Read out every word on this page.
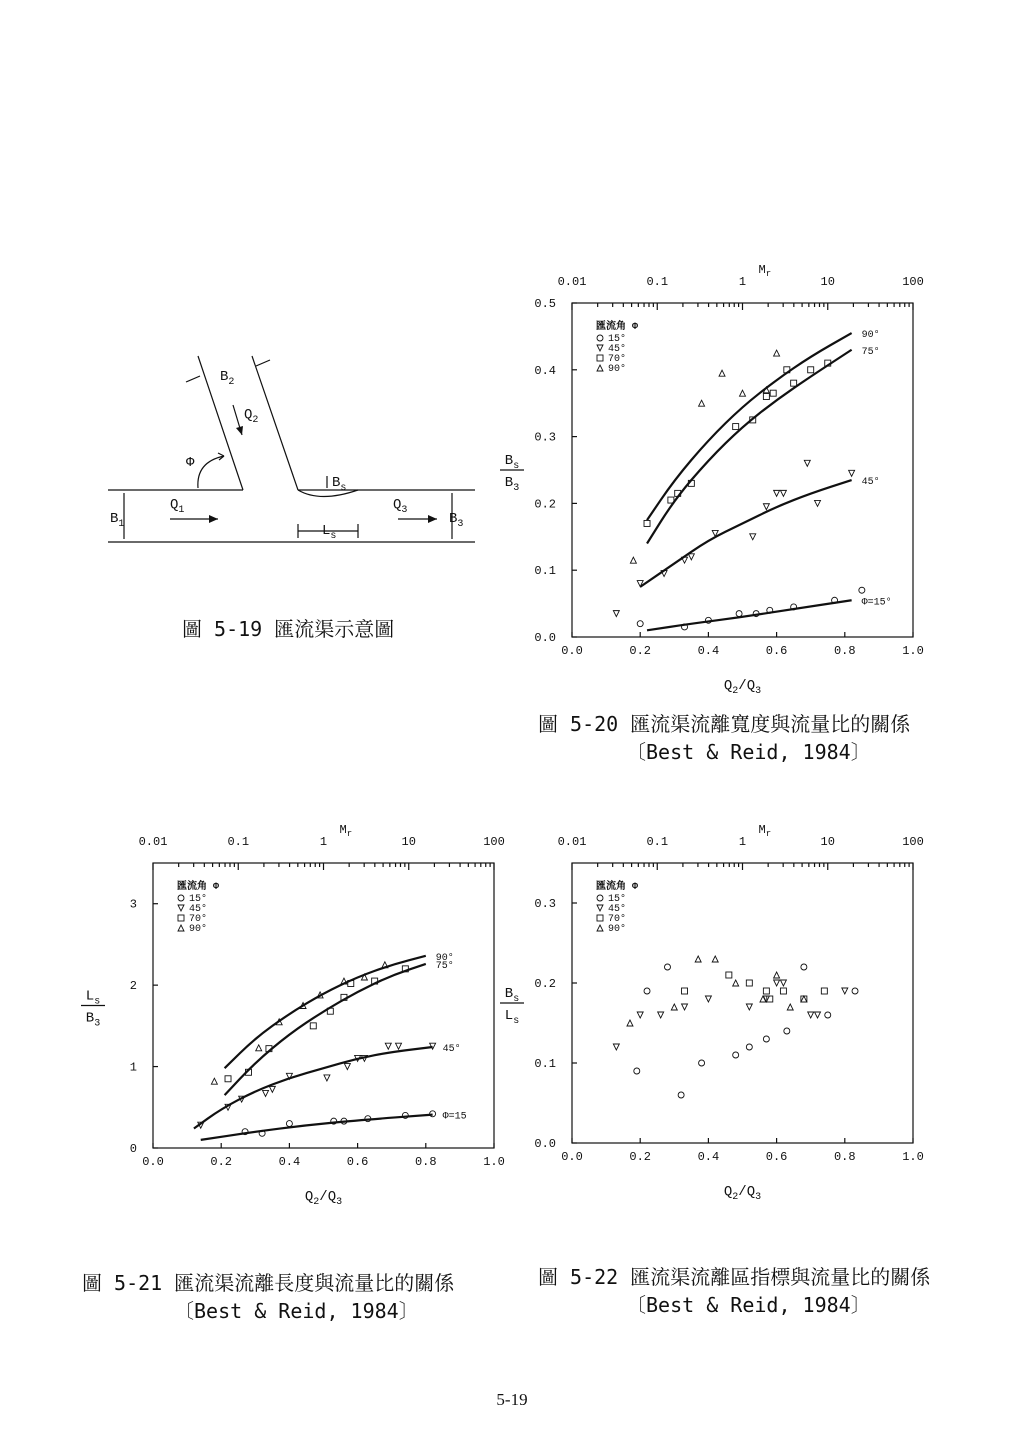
$B_2$
$Q_2$
Φ
$B_s$
$Q_1$
$B_1$
$Q_3$
$B_3$
$L_s$
圖 5-19 匯流渠示意圖
0.0	0.2	0.4	0.6	0.8	1.0
0.0
0.1
0.2
0.3
0.4
0.5
0.01	0.1	1	10	100
$M_r$
$Q_2/Q_3$
$B_s$
$B_3$
匯流角 Φ
15°
45°
70°
90°
90°
75°
45°
Φ=15°
0.0	0.2	0.4	0.6	0.8	1.0
0
1
2
3
0.01	0.1	1	10	100
$M_r$
$Q_2/Q_3$
$L_s$
$B_3$
匯流角 Φ
15°
45°
70°
90°
90°
75°
45°
Φ=15
0.0	0.2	0.4	0.6	0.8	1.0
0.0
0.1
0.2
0.3
0.01	0.1	1	10	100
$M_r$
$Q_2/Q_3$
$B_s$
$L_s$
匯流角 Φ
15°
45°
70°
90°
圖 5-20 匯流渠流離寬度與流量比的關係
〔Best & Reid, 1984〕
圖 5-21 匯流渠流離長度與流量比的關係
〔Best & Reid, 1984〕
圖 5-22 匯流渠流離區指標與流量比的關係
〔Best & Reid, 1984〕
5-19
